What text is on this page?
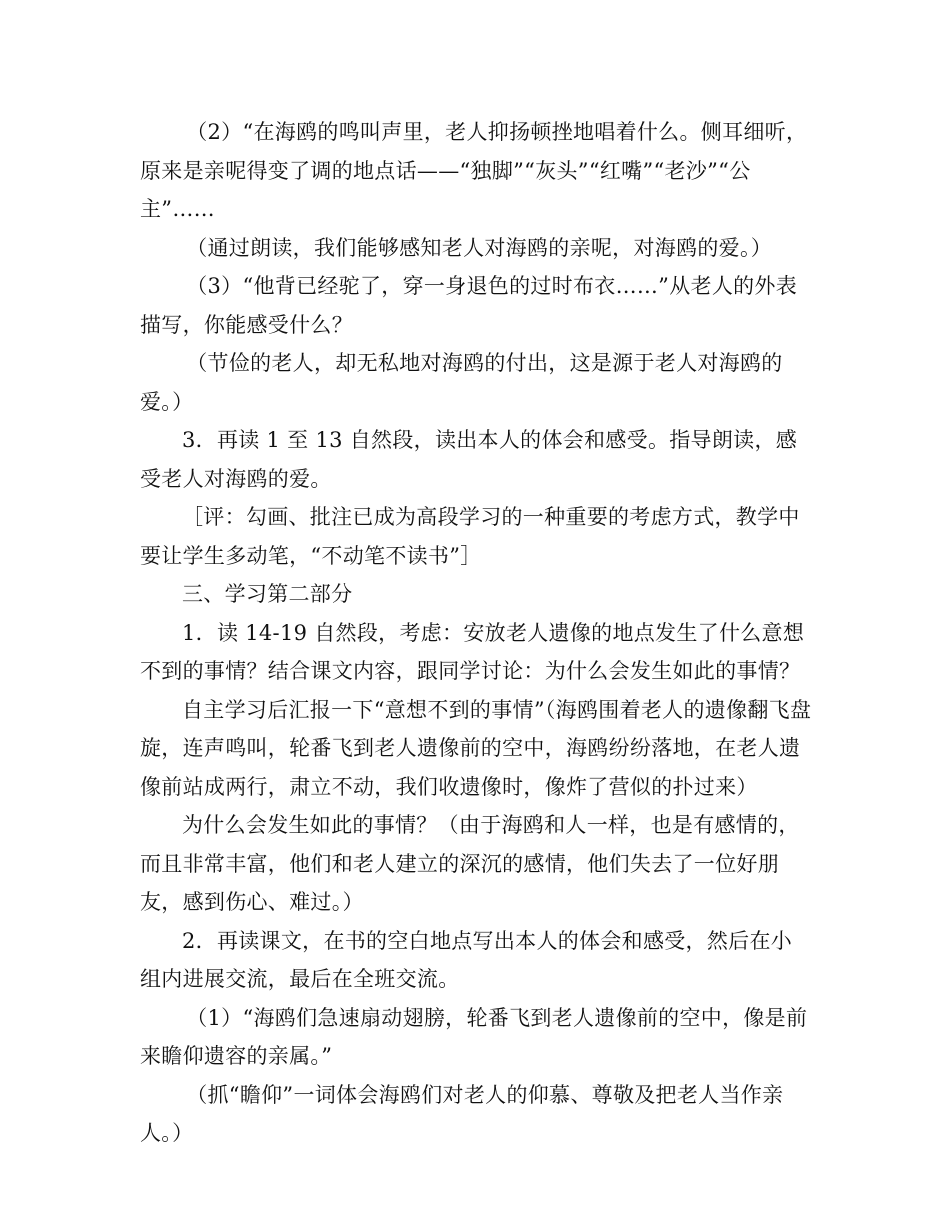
（2）“在海鸥的鸣叫声里，老人抑扬顿挫地唱着什么。侧耳细听，原来是亲呢得变了调的地点话——“独脚”“灰头”“红嘴”“老沙”“公主”……

（通过朗读，我们能够感知老人对海鸥的亲呢，对海鸥的爱。）

（3）“他背已经驼了，穿一身退色的过时布衣……”从老人的外表描写，你能感受什么？

（节俭的老人，却无私地对海鸥的付出，这是源于老人对海鸥的爱。）

3．再读 1 至 13 自然段，读出本人的体会和感受。指导朗读，感受老人对海鸥的爱。

［评：勾画、批注已成为高段学习的一种重要的考虑方式，教学中要让学生多动笔，“不动笔不读书”］

三、学习第二部分

1．读 14-19 自然段，考虑：安放老人遗像的地点发生了什么意想不到的事情？结合课文内容，跟同学讨论：为什么会发生如此的事情？

自主学习后汇报一下“意想不到的事情”（海鸥围着老人的遗像翻飞盘旋，连声鸣叫，轮番飞到老人遗像前的空中，海鸥纷纷落地，在老人遗像前站成两行，肃立不动，我们收遗像时，像炸了营似的扑过来）

为什么会发生如此的事情？（由于海鸥和人一样，也是有感情的，而且非常丰富，他们和老人建立的深沉的感情，他们失去了一位好朋友，感到伤心、难过。）

2．再读课文，在书的空白地点写出本人的体会和感受，然后在小组内进展交流，最后在全班交流。

（1）“海鸥们急速扇动翅膀，轮番飞到老人遗像前的空中，像是前来瞻仰遗容的亲属。”

（抓“瞻仰”一词体会海鸥们对老人的仰慕、尊敬及把老人当作亲人。）
